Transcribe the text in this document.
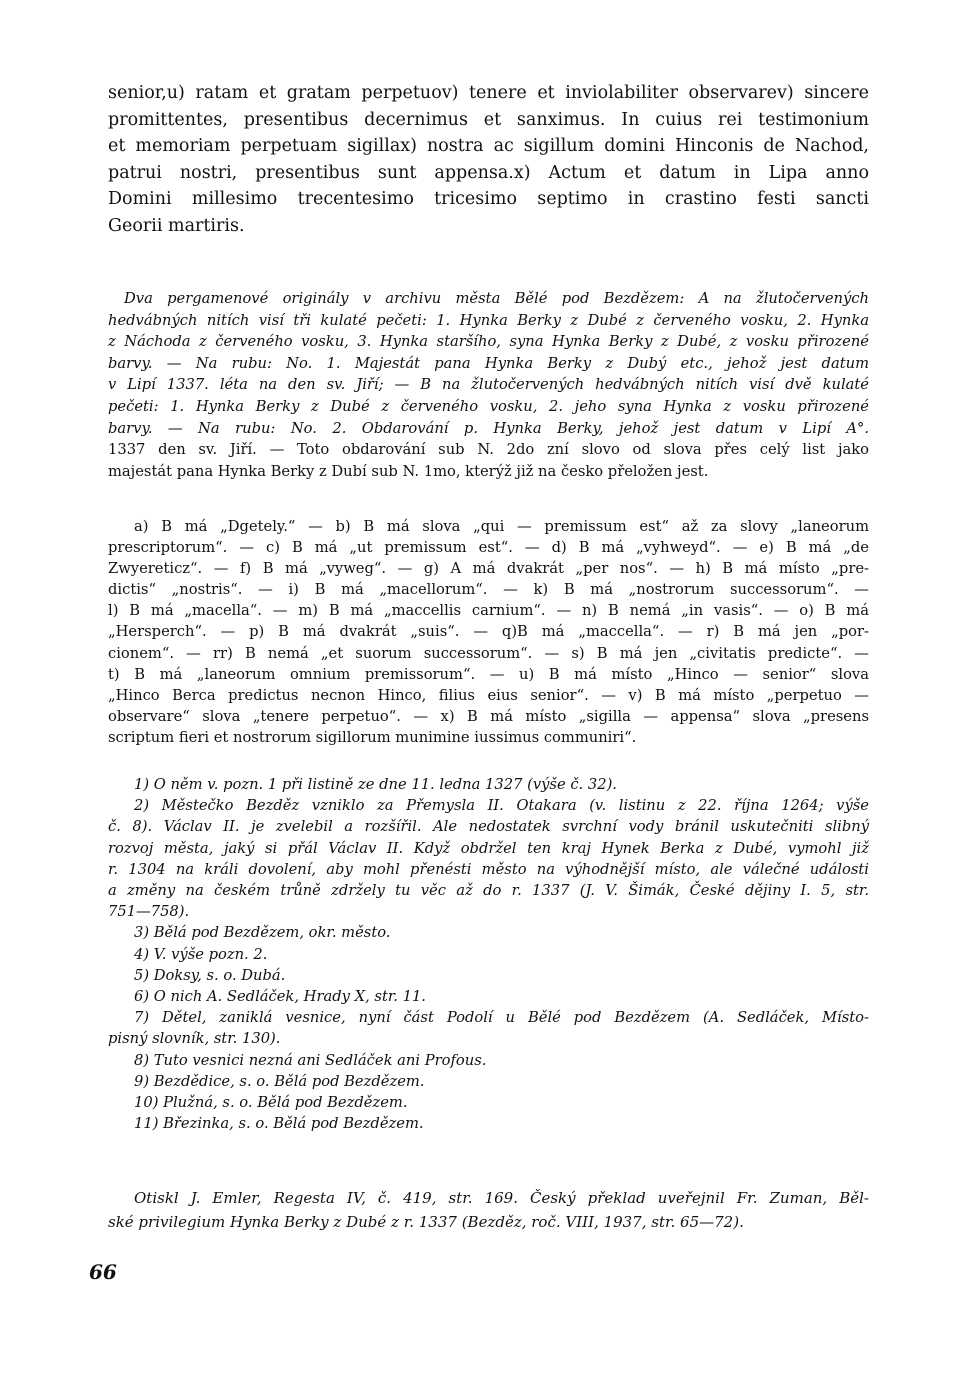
senior,u) ratam et gratam perpetuov) tenere et inviolabiliter observarev) sincere
promittentes, presentibus decernimus et sanximus. In cuius rei testimonium
et memoriam perpetuam sigillax) nostra ac sigillum domini Hinconis de Nachod,
patrui nostri, presentibus sunt appensa.x) Actum et datum in Lipa anno
Domini millesimo trecentesimo tricesimo septimo in crastino festi sancti
Georii martiris.
Dva pergamenové originály v archivu města Bělé pod Bezdězem: A na žlutočervených
hedvábných nitích visí tři kulaté pečeti: 1. Hynka Berky z Dubé z červeného vosku, 2. Hynka
z Náchoda z červeného vosku, 3. Hynka staršího, syna Hynka Berky z Dubé, z vosku přirozené
barvy. — Na rubu: No. 1. Majestát pana Hynka Berky z Dubý etc., jehož jest datum
v Lipí 1337. léta na den sv. Jiří; — B na žlutočervených hedvábných nitích visí dvě kulaté
pečeti: 1. Hynka Berky z Dubé z červeného vosku, 2. jeho syna Hynka z vosku přirozené
barvy. — Na rubu: No. 2. Obdarování p. Hynka Berky, jehož jest datum v Lipí A°.
1337 den sv. Jiří. — Toto obdarování sub N. 2do zní slovo od slova přes celý list jako
majestát pana Hynka Berky z Dubí sub N. 1mo, kterýž již na česko přeložen jest.
a) B má „Dgetely.“ — b) B má slova „qui — premissum est“ až za slovy „laneorum
prescriptorum“. — c) B má „ut premissum est“. — d) B má „vyhweyd“. — e) B má „de
Zwyereticz“. — f) B má „vyweg“. — g) A má dvakrát „per nos“. — h) B má místo „pre-
dictis“ „nostris“. — i) B má „macellorum“. — k) B má „nostrorum successorum“. —
l) B má „macella“. — m) B má „maccellis carnium“. — n) B nemá „in vasis“. — o) B má
„Hersperch“. — p) B má dvakrát „suis“. — q)B má „maccella“. — r) B má jen „por-
cionem“. — rr) B nemá „et suorum successorum“. — s) B má jen „civitatis predicte“. —
t) B má „laneorum omnium premissorum“. — u) B má místo „Hinco — senior“ slova
„Hinco Berca predictus necnon Hinco, filius eius senior“. — v) B má místo „perpetuo —
observare“ slova „tenere perpetuo“. — x) B má místo „sigilla — appensa“ slova „presens
scriptum fieri et nostrorum sigillorum munimine iussimus communiri“.
1) O něm v. pozn. 1 při listině ze dne 11. ledna 1327 (výše č. 32).
2) Městečko Bezděz vzniklo za Přemysla II. Otakara (v. listinu z 22. října 1264; výše
č. 8). Václav II. je zvelebil a rozšířil. Ale nedostatek svrchní vody bránil uskutečniti slibný
rozvoj města, jaký si přál Václav II. Když obdržel ten kraj Hynek Berka z Dubé, vymohl již
r. 1304 na králi dovolení, aby mohl přenésti město na výhodnější místo, ale válečné události
a změny na českém trůně zdržely tu věc až do r. 1337 (J. V. Šimák, České dějiny I. 5, str.
751—758).
3) Bělá pod Bezdězem, okr. město.
4) V. výše pozn. 2.
5) Doksy, s. o. Dubá.
6) O nich A. Sedláček, Hrady X, str. 11.
7) Dětel, zaniklá vesnice, nyní část Podolí u Bělé pod Bezdězem (A. Sedláček, Místo-
pisný slovník, str. 130).
8) Tuto vesnici nezná ani Sedláček ani Profous.
9) Bezdědice, s. o. Bělá pod Bezdězem.
10) Plužná, s. o. Bělá pod Bezdězem.
11) Březinka, s. o. Bělá pod Bezdězem.
Otiskl J. Emler, Regesta IV, č. 419, str. 169. Český překlad uveřejnil Fr. Zuman, Běl-
ské privilegium Hynka Berky z Dubé z r. 1337 (Bezděz, roč. VIII, 1937, str. 65—72).
66
